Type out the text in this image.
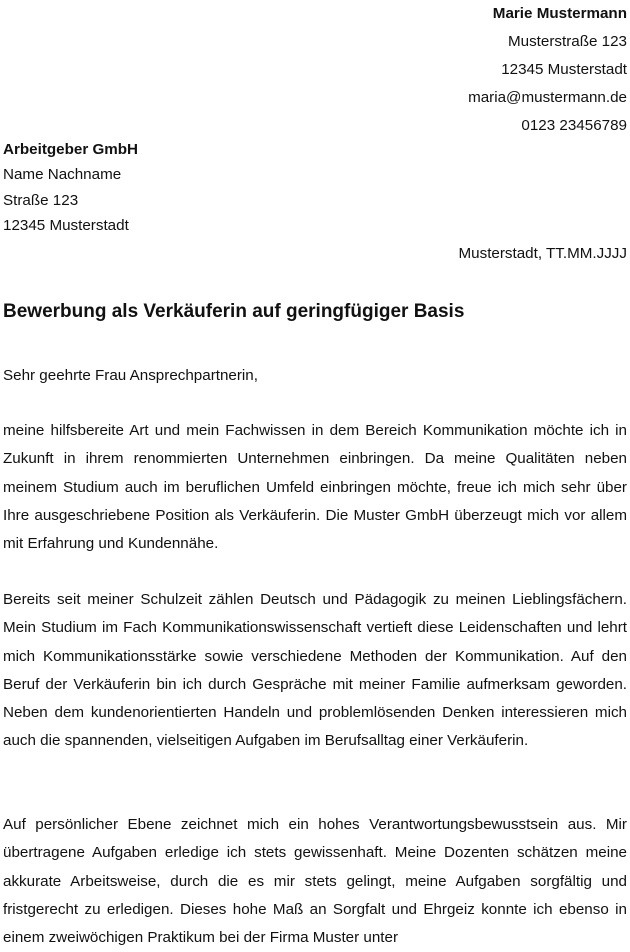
Marie Mustermann
Musterstraße 123
12345 Musterstadt
maria@mustermann.de
0123 23456789
Arbeitgeber GmbH
Name Nachname
Straße 123
12345 Musterstadt
Musterstadt, TT.MM.JJJJ
Bewerbung als Verkäuferin auf geringfügiger Basis
Sehr geehrte Frau Ansprechpartnerin,
meine hilfsbereite Art und mein Fachwissen in dem Bereich Kommunikation möchte ich in Zukunft in ihrem renommierten Unternehmen einbringen. Da meine Qualitäten neben meinem Studium auch im beruflichen Umfeld einbringen möchte, freue ich mich sehr über Ihre ausgeschriebene Position als Verkäuferin. Die Muster GmbH überzeugt mich vor allem mit Erfahrung und Kundennähe.
Bereits seit meiner Schulzeit zählen Deutsch und Pädagogik zu meinen Lieblingsfächern. Mein Studium im Fach Kommunikationswissenschaft vertieft diese Leidenschaften und lehrt mich Kommunikationsstärke sowie verschiedene Methoden der Kommunikation. Auf den Beruf der Verkäuferin bin ich durch Gespräche mit meiner Familie aufmerksam geworden. Neben dem kundenorientierten Handeln und problemlösenden Denken interessieren mich auch die spannenden, vielseitigen Aufgaben im Berufsalltag einer Verkäuferin.
Auf persönlicher Ebene zeichnet mich ein hohes Verantwortungsbewusstsein aus. Mir übertragene Aufgaben erledige ich stets gewissenhaft. Meine Dozenten schätzen meine akkurate Arbeitsweise, durch die es mir stets gelingt, meine Aufgaben sorgfältig und fristgerecht zu erledigen. Dieses hohe Maß an Sorgfalt und Ehrgeiz konnte ich ebenso in einem zweiwöchigen Praktikum bei der Firma Muster unter
